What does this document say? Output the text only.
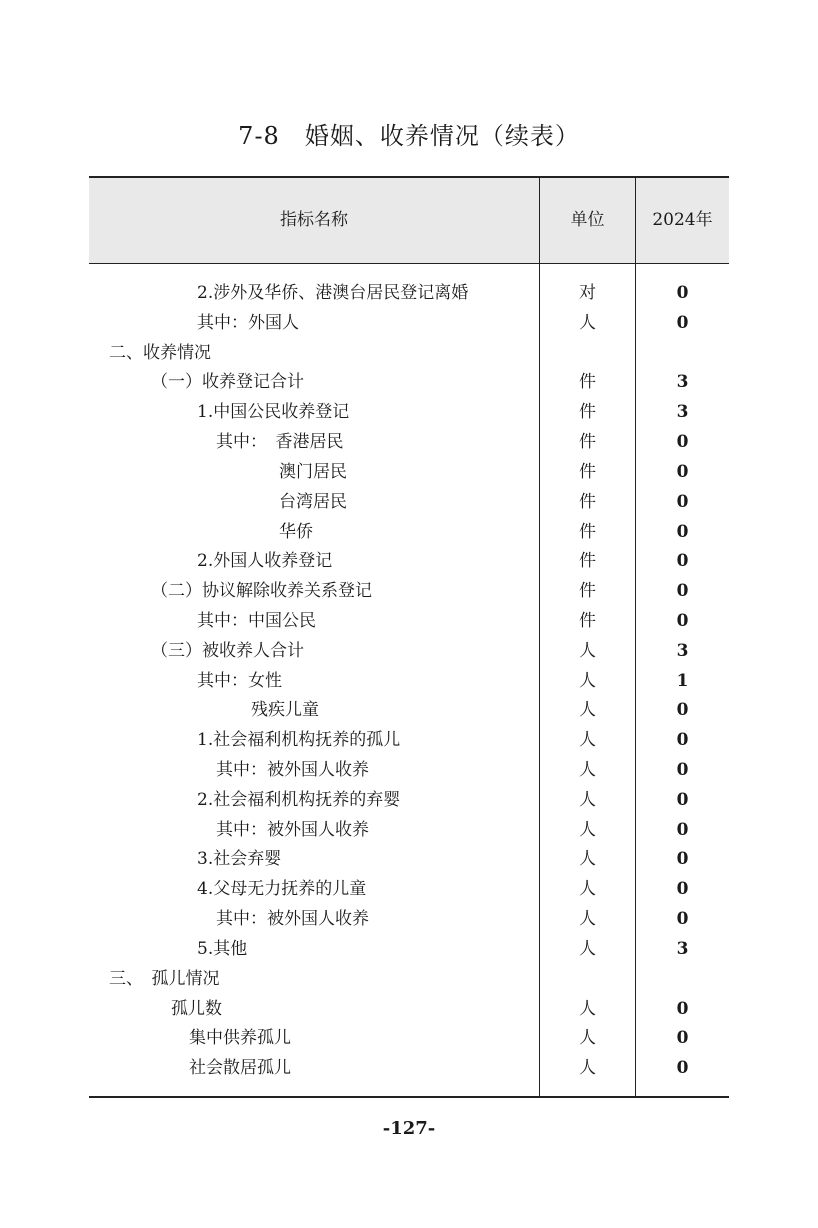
7-8　婚姻、收养情况（续表）
指标名称	单位	2024年
2.涉外及华侨、港澳台居民登记离婚	对	0
其中：外国人	人	0
二、收养情况
（一）收养登记合计	件	3
1.中国公民收养登记	件	3
其中：　香港居民	件	0
澳门居民	件	0
台湾居民	件	0
华侨	件	0
2.外国人收养登记	件	0
（二）协议解除收养关系登记	件	0
其中：中国公民	件	0
（三）被收养人合计	人	3
其中：女性	人	1
残疾儿童	人	0
1.社会福利机构抚养的孤儿	人	0
其中：被外国人收养	人	0
2.社会福利机构抚养的弃婴	人	0
其中：被外国人收养	人	0
3.社会弃婴	人	0
4.父母无力抚养的儿童	人	0
其中：被外国人收养	人	0
5.其他	人	3
三、　孤儿情况
孤儿数	人	0
集中供养孤儿	人	0
社会散居孤儿	人	0
-127-
